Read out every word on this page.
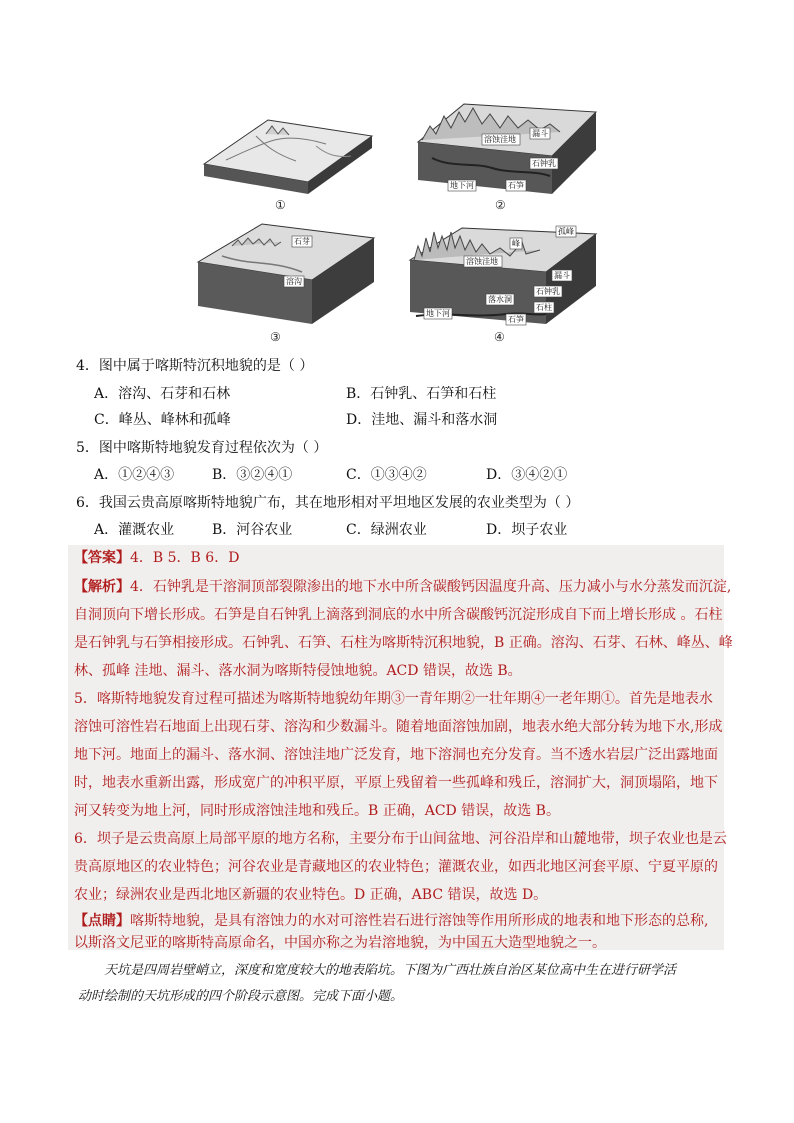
①
溶蚀洼地
漏斗
石钟乳
地下河	石笋
②
石芽
溶沟
③
孤峰
峰
溶蚀洼地
漏斗
石钟乳
落水洞
石柱
地下河
石笋
④
4．图中属于喀斯特沉积地貌的是（ ）
A．溶沟、石芽和石林	B．石钟乳、石笋和石柱
C．峰丛、峰林和孤峰	D．洼地、漏斗和落水洞
5．图中喀斯特地貌发育过程依次为（ ）
A．①②④③	B．③②④①	C．①③④②	D．③④②①
6．我国云贵高原喀斯特地貌广布，其在地形相对平坦地区发展的农业类型为（ ）
A．灌溉农业	B．河谷农业	C．绿洲农业	D．坝子农业
【答案】4．B 5．B 6．D
【解析】4．石钟乳是干溶洞顶部裂隙渗出的地下水中所含碳酸钙因温度升高、压力减小与水分蒸发而沉淀,
自洞顶向下增长形成。石笋是自石钟乳上滴落到洞底的水中所含碳酸钙沉淀形成自下而上增长形成 。石柱
是石钟乳与石笋相接形成。石钟乳、石笋、石柱为喀斯特沉积地貌，B 正确。溶沟、石芽、石林、峰丛、峰
林、孤峰 洼地、漏斗、落水洞为喀斯特侵蚀地貌。ACD 错误，故选 B。
5．喀斯特地貌发育过程可描述为喀斯特地貌幼年期③一青年期②一壮年期④一老年期①。首先是地表水
溶蚀可溶性岩石地面上出现石芽、溶沟和少数漏斗。随着地面溶蚀加剧，地表水绝大部分转为地下水,形成
地下河。地面上的漏斗、落水洞、溶蚀洼地广泛发育，地下溶洞也充分发育。当不透水岩层广泛出露地面
时，地表水重新出露，形成宽广的冲积平原，平原上残留着一些孤峰和残丘，溶洞扩大，洞顶塌陷，地下
河又转变为地上河，同时形成溶蚀洼地和残丘。B 正确，ACD 错误，故选 B。
6．坝子是云贵高原上局部平原的地方名称，主要分布于山间盆地、河谷沿岸和山麓地带，坝子农业也是云
贵高原地区的农业特色；河谷农业是青藏地区的农业特色；灌溉农业，如西北地区河套平原、宁夏平原的
农业；绿洲农业是西北地区新疆的农业特色。D 正确，ABC 错误，故选 D。
【点睛】喀斯特地貌，是具有溶蚀力的水对可溶性岩石进行溶蚀等作用所形成的地表和地下形态的总称,
以斯洛文尼亚的喀斯特高原命名，中国亦称之为岩溶地貌，为中国五大造型地貌之一。
天坑是四周岩壁峭立，深度和宽度较大的地表陷坑。下图为广西壮族自治区某位高中生在进行研学活
动时绘制的天坑形成的四个阶段示意图。完成下面小题。
